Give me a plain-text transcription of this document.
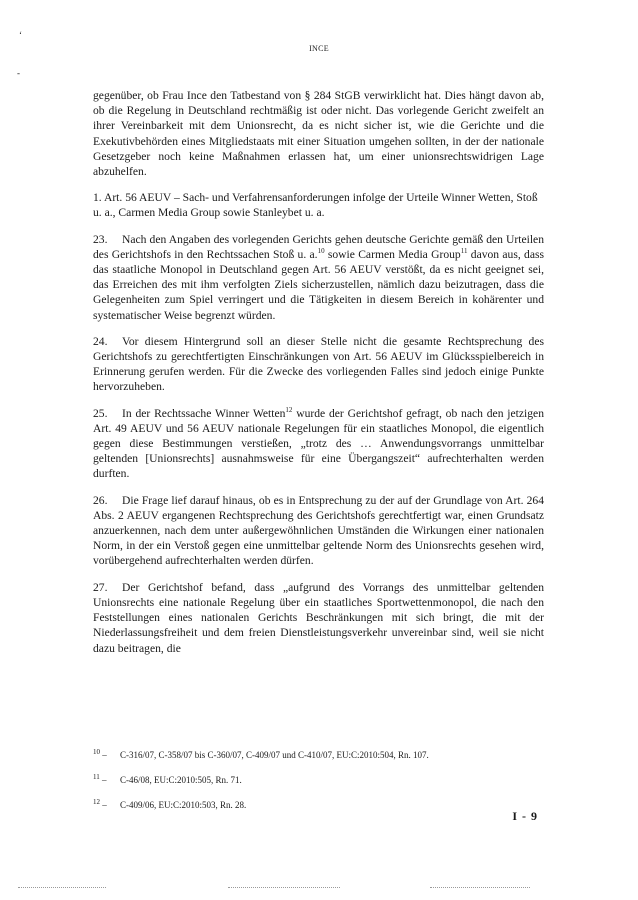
INCE
‘
-

gegenüber, ob Frau Ince den Tatbestand von § 284 StGB verwirklicht hat. Dies hängt davon ab, ob die Regelung in Deutschland rechtmäßig ist oder nicht. Das vorlegende Gericht zweifelt an ihrer Vereinbarkeit mit dem Unionsrecht, da es nicht sicher ist, wie die Gerichte und die Exekutivbehörden eines Mitgliedstaats mit einer Situation umgehen sollten, in der der nationale Gesetzgeber noch keine Maßnahmen erlassen hat, um einer unionsrechtswidrigen Lage abzuhelfen.

1. Art. 56 AEUV – Sach- und Verfahrensanforderungen infolge der Urteile Winner Wetten, Stoß u. a., Carmen Media Group sowie Stanleybet u. a.

23. Nach den Angaben des vorlegenden Gerichts gehen deutsche Gerichte gemäß den Urteilen des Gerichtshofs in den Rechtssachen Stoß u. a.$^{10}$ sowie Carmen Media Group$^{11}$ davon aus, dass das staatliche Monopol in Deutschland gegen Art. 56 AEUV verstößt, da es nicht geeignet sei, das Erreichen des mit ihm verfolgten Ziels sicherzustellen, nämlich dazu beizutragen, dass die Gelegenheiten zum Spiel verringert und die Tätigkeiten in diesem Bereich in kohärenter und systematischer Weise begrenzt würden.

24. Vor diesem Hintergrund soll an dieser Stelle nicht die gesamte Rechtsprechung des Gerichtshofs zu gerechtfertigten Einschränkungen von Art. 56 AEUV im Glücksspielbereich in Erinnerung gerufen werden. Für die Zwecke des vorliegenden Falles sind jedoch einige Punkte hervorzuheben.

25. In der Rechtssache Winner Wetten$^{12}$ wurde der Gerichtshof gefragt, ob nach den jetzigen Art. 49 AEUV und 56 AEUV nationale Regelungen für ein staatliches Monopol, die eigentlich gegen diese Bestimmungen verstießen, „trotz des … Anwendungsvorrangs unmittelbar geltenden [Unionsrechts] ausnahmsweise für eine Übergangszeit“ aufrechterhalten werden durften.

26. Die Frage lief darauf hinaus, ob es in Entsprechung zu der auf der Grundlage von Art. 264 Abs. 2 AEUV ergangenen Rechtsprechung des Gerichtshofs gerechtfertigt war, einen Grundsatz anzuerkennen, nach dem unter außergewöhnlichen Umständen die Wirkungen einer nationalen Norm, in der ein Verstoß gegen eine unmittelbar geltende Norm des Unionsrechts gesehen wird, vorübergehend aufrechterhalten werden dürfen.

27. Der Gerichtshof befand, dass „aufgrund des Vorrangs des unmittelbar geltenden Unionsrechts eine nationale Regelung über ein staatliches Sportwettenmonopol, die nach den Feststellungen eines nationalen Gerichts Beschränkungen mit sich bringt, die mit der Niederlassungsfreiheit und dem freien Dienstleistungsverkehr unvereinbar sind, weil sie nicht dazu beitragen, die

$^{10}$ – C-316/07, C-358/07 bis C-360/07, C-409/07 und C-410/07, EU:C:2010:504, Rn. 107.
$^{11}$ – C-46/08, EU:C:2010:505, Rn. 71.
$^{12}$ – C-409/06, EU:C:2010:503, Rn. 28.
I - 9
